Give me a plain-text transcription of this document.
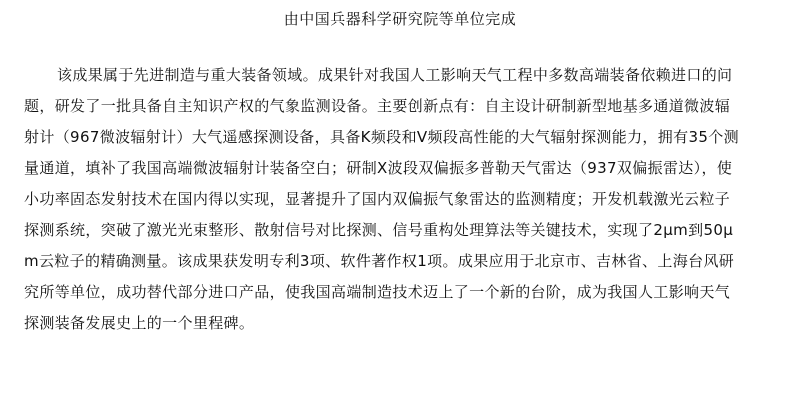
由中国兵器科学研究院等单位完成
该成果属于先进制造与重大装备领域。成果针对我国人工影响天气工程中多数高端装备依赖进口的问
题，研发了一批具备自主知识产权的气象监测设备。主要创新点有：自主设计研制新型地基多通道微波辐
射计（967微波辐射计）大气遥感探测设备，具备K频段和V频段高性能的大气辐射探测能力，拥有35个测
量通道，填补了我国高端微波辐射计装备空白；研制X波段双偏振多普勒天气雷达（937双偏振雷达），使
小功率固态发射技术在国内得以实现，显著提升了国内双偏振气象雷达的监测精度；开发机载激光云粒子
探测系统，突破了激光光束整形、散射信号对比探测、信号重构处理算法等关键技术，实现了2μm到50μ
m云粒子的精确测量。该成果获发明专利3项、软件著作权1项。成果应用于北京市、吉林省、上海台风研
究所等单位，成功替代部分进口产品，使我国高端制造技术迈上了一个新的台阶，成为我国人工影响天气
探测装备发展史上的一个里程碑。
